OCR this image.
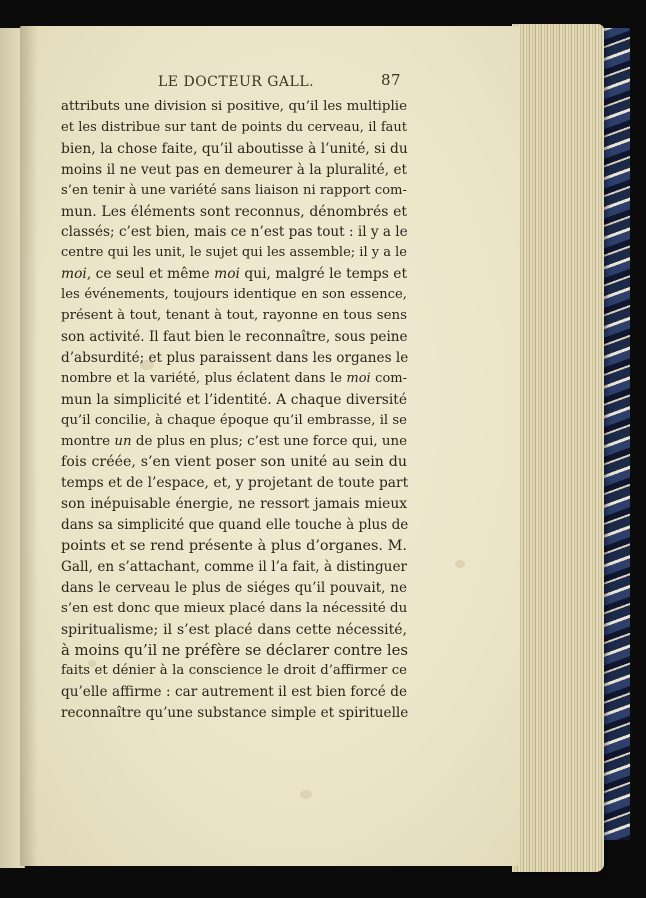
LE DOCTEUR GALL.	87
attributs une division si positive, qu’il les multiplie
et les distribue sur tant de points du cerveau, il faut
bien, la chose faite, qu’il aboutisse à l’unité, si du
moins il ne veut pas en demeurer à la pluralité, et
s’en tenir à une variété sans liaison ni rapport com-
mun. Les éléments sont reconnus, dénombrés et
classés; c’est bien, mais ce n’est pas tout : il y a le
centre qui les unit, le sujet qui les assemble; il y a le
moi, ce seul et même moi qui, malgré le temps et
les événements, toujours identique en son essence,
présent à tout, tenant à tout, rayonne en tous sens
son activité. Il faut bien le reconnaître, sous peine
d’absurdité; et plus paraissent dans les organes le
nombre et la variété, plus éclatent dans le moi com-
mun la simplicité et l’identité. A chaque diversité
qu’il concilie, à chaque époque qu’il embrasse, il se
montre un de plus en plus; c’est une force qui, une
fois créée, s’en vient poser son unité au sein du
temps et de l’espace, et, y projetant de toute part
son inépuisable énergie, ne ressort jamais mieux
dans sa simplicité que quand elle touche à plus de
points et se rend présente à plus d’organes. M.
Gall, en s’attachant, comme il l’a fait, à distinguer
dans le cerveau le plus de siéges qu’il pouvait, ne
s’en est donc que mieux placé dans la nécessité du
spiritualisme; il s’est placé dans cette nécessité,
à moins qu’il ne préfère se déclarer contre les
faits et dénier à la conscience le droit d’affirmer ce
qu’elle affirme : car autrement il est bien forcé de
reconnaître qu’une substance simple et spirituelle
